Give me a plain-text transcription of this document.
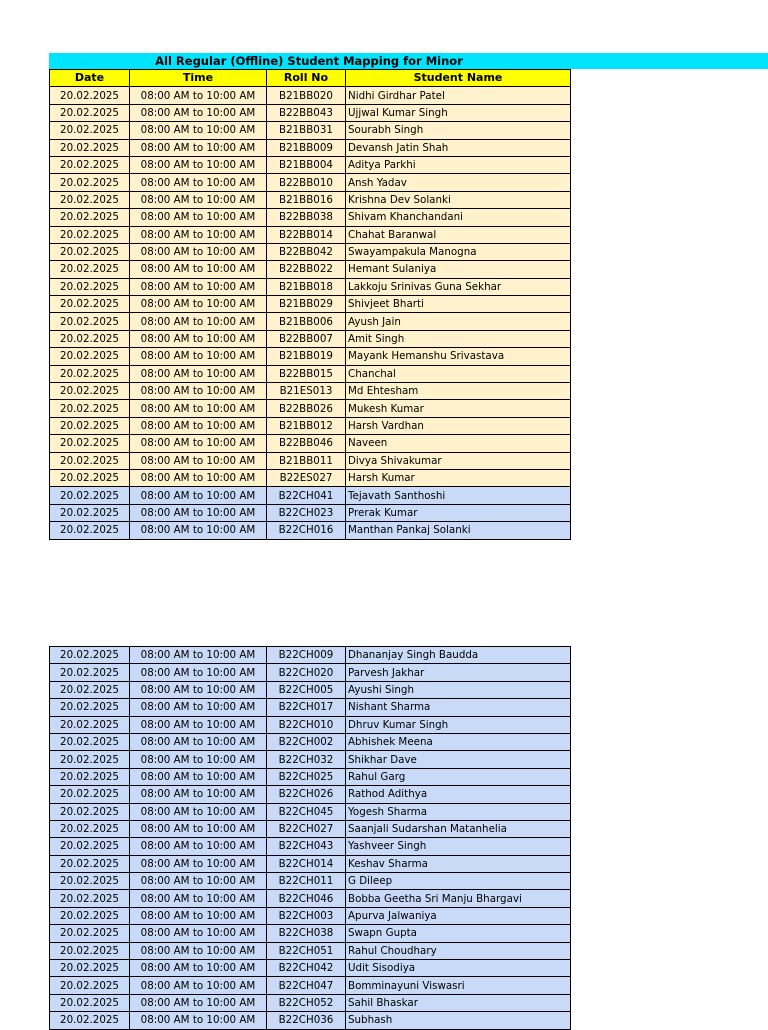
All Regular (Offline) Student Mapping for Minor
Date	Time	Roll No	Student Name
20.02.2025	08:00 AM to 10:00 AM	B21BB020	Nidhi Girdhar Patel
20.02.2025	08:00 AM to 10:00 AM	B22BB043	Ujjwal Kumar Singh
20.02.2025	08:00 AM to 10:00 AM	B21BB031	Sourabh Singh
20.02.2025	08:00 AM to 10:00 AM	B21BB009	Devansh Jatin Shah
20.02.2025	08:00 AM to 10:00 AM	B21BB004	Aditya Parkhi
20.02.2025	08:00 AM to 10:00 AM	B22BB010	Ansh Yadav
20.02.2025	08:00 AM to 10:00 AM	B21BB016	Krishna Dev Solanki
20.02.2025	08:00 AM to 10:00 AM	B22BB038	Shivam Khanchandani
20.02.2025	08:00 AM to 10:00 AM	B22BB014	Chahat Baranwal
20.02.2025	08:00 AM to 10:00 AM	B22BB042	Swayampakula Manogna
20.02.2025	08:00 AM to 10:00 AM	B22BB022	Hemant Sulaniya
20.02.2025	08:00 AM to 10:00 AM	B21BB018	Lakkoju Srinivas Guna Sekhar
20.02.2025	08:00 AM to 10:00 AM	B21BB029	Shivjeet Bharti
20.02.2025	08:00 AM to 10:00 AM	B21BB006	Ayush Jain
20.02.2025	08:00 AM to 10:00 AM	B22BB007	Amit Singh
20.02.2025	08:00 AM to 10:00 AM	B21BB019	Mayank Hemanshu Srivastava
20.02.2025	08:00 AM to 10:00 AM	B22BB015	Chanchal
20.02.2025	08:00 AM to 10:00 AM	B21ES013	Md Ehtesham
20.02.2025	08:00 AM to 10:00 AM	B22BB026	Mukesh Kumar
20.02.2025	08:00 AM to 10:00 AM	B21BB012	Harsh Vardhan
20.02.2025	08:00 AM to 10:00 AM	B22BB046	Naveen
20.02.2025	08:00 AM to 10:00 AM	B21BB011	Divya Shivakumar
20.02.2025	08:00 AM to 10:00 AM	B22ES027	Harsh Kumar
20.02.2025	08:00 AM to 10:00 AM	B22CH041	Tejavath Santhoshi
20.02.2025	08:00 AM to 10:00 AM	B22CH023	Prerak Kumar
20.02.2025	08:00 AM to 10:00 AM	B22CH016	Manthan Pankaj Solanki
20.02.2025	08:00 AM to 10:00 AM	B22CH009	Dhananjay Singh Baudda
20.02.2025	08:00 AM to 10:00 AM	B22CH020	Parvesh Jakhar
20.02.2025	08:00 AM to 10:00 AM	B22CH005	Ayushi Singh
20.02.2025	08:00 AM to 10:00 AM	B22CH017	Nishant Sharma
20.02.2025	08:00 AM to 10:00 AM	B22CH010	Dhruv Kumar Singh
20.02.2025	08:00 AM to 10:00 AM	B22CH002	Abhishek Meena
20.02.2025	08:00 AM to 10:00 AM	B22CH032	Shikhar Dave
20.02.2025	08:00 AM to 10:00 AM	B22CH025	Rahul Garg
20.02.2025	08:00 AM to 10:00 AM	B22CH026	Rathod Adithya
20.02.2025	08:00 AM to 10:00 AM	B22CH045	Yogesh Sharma
20.02.2025	08:00 AM to 10:00 AM	B22CH027	Saanjali Sudarshan Matanhelia
20.02.2025	08:00 AM to 10:00 AM	B22CH043	Yashveer Singh
20.02.2025	08:00 AM to 10:00 AM	B22CH014	Keshav Sharma
20.02.2025	08:00 AM to 10:00 AM	B22CH011	G Dileep
20.02.2025	08:00 AM to 10:00 AM	B22CH046	Bobba Geetha Sri Manju Bhargavi
20.02.2025	08:00 AM to 10:00 AM	B22CH003	Apurva Jalwaniya
20.02.2025	08:00 AM to 10:00 AM	B22CH038	Swapn Gupta
20.02.2025	08:00 AM to 10:00 AM	B22CH051	Rahul Choudhary
20.02.2025	08:00 AM to 10:00 AM	B22CH042	Udit Sisodiya
20.02.2025	08:00 AM to 10:00 AM	B22CH047	Bomminayuni Viswasri
20.02.2025	08:00 AM to 10:00 AM	B22CH052	Sahil Bhaskar
20.02.2025	08:00 AM to 10:00 AM	B22CH036	Subhash
